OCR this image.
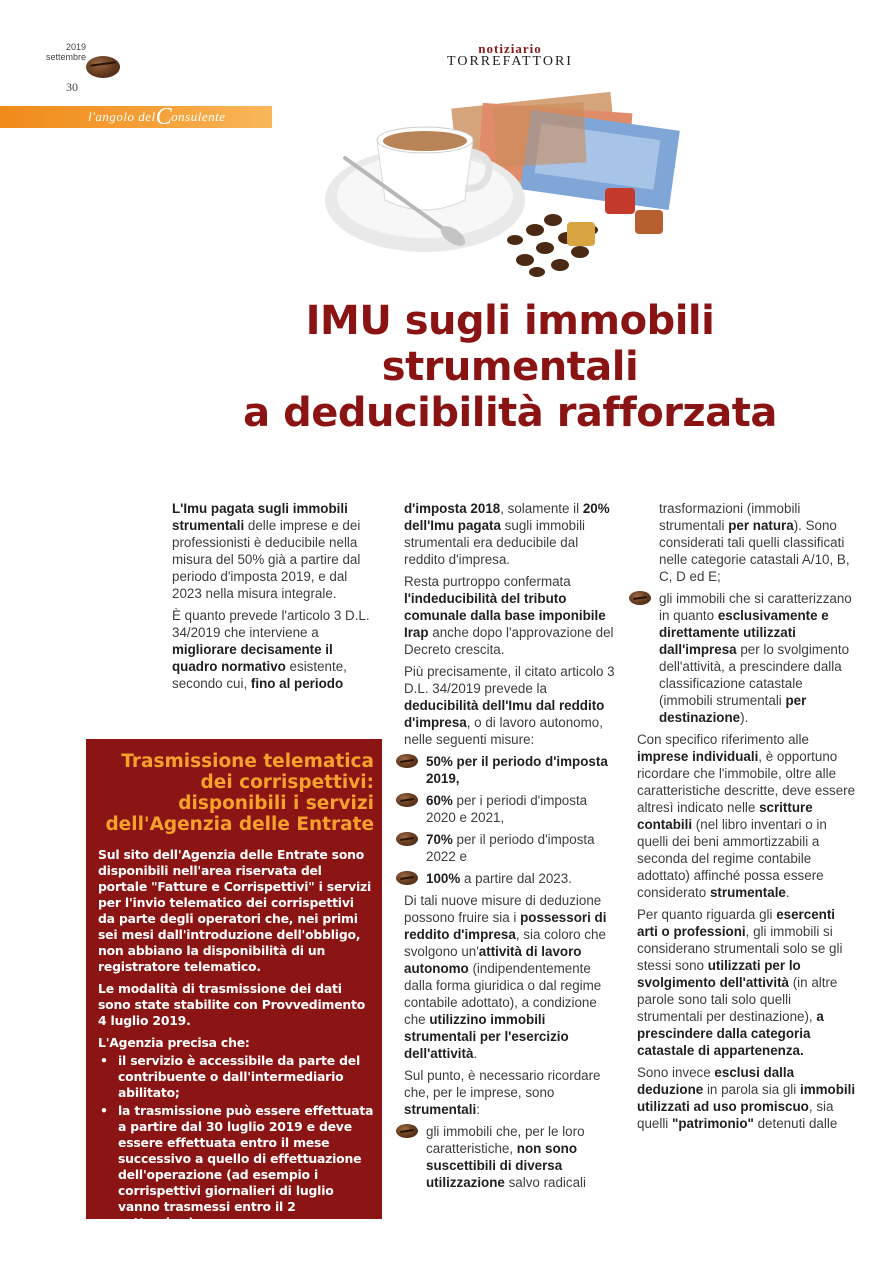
2019
settembre
30
notiziario
TORREFATTORI
l'angolo delConsulente
IMU sugli immobili
strumentali
a deducibilità rafforzata

L'Imu pagata sugli immobili strumentali delle imprese e dei professionisti è deducibile nella misura del 50% già a partire dal periodo d'imposta 2019, e dal 2023 nella misura integrale.

È quanto prevede l'articolo 3 D.L. 34/2019 che interviene a migliorare decisamente il quadro normativo esistente, secondo cui, fino al periodo

d'imposta 2018, solamente il 20% dell'Imu pagata sugli immobili strumentali era deducibile dal reddito d'impresa.

Resta purtroppo confermata l'indeducibilità del tributo comunale dalla base imponibile Irap anche dopo l'approvazione del Decreto crescita.

Più precisamente, il citato articolo 3 D.L. 34/2019 prevede la deducibilità dell'Imu dal reddito d'impresa, o di lavoro autonomo, nelle seguenti misure:

50% per il periodo d'imposta 2019,

60% per i periodi d'imposta 2020 e 2021,

70% per il periodo d'imposta 2022 e

100% a partire dal 2023.

Di tali nuove misure di deduzione possono fruire sia i possessori di reddito d'impresa, sia coloro che svolgono un'attività di lavoro autonomo (indipendentemente dalla forma giuridica o dal regime contabile adottato), a condizione che utilizzino immobili strumentali per l'esercizio dell'attività.

Sul punto, è necessario ricordare che, per le imprese, sono strumentali:

gli immobili che, per le loro caratteristiche, non sono suscettibili di diversa utilizzazione salvo radicali

trasformazioni (immobili strumentali per natura). Sono considerati tali quelli classificati nelle categorie catastali A/10, B, C, D ed E;

gli immobili che si caratterizzano in quanto esclusivamente e direttamente utilizzati dall'impresa per lo svolgimento dell'attività, a prescindere dalla classificazione catastale (immobili strumentali per destinazione).

Con specifico riferimento alle imprese individuali, è opportuno ricordare che l'immobile, oltre alle caratteristiche descritte, deve essere altresì indicato nelle scritture contabili (nel libro inventari o in quelli dei beni ammortizzabili a seconda del regime contabile adottato) affinché possa essere considerato strumentale.

Per quanto riguarda gli esercenti arti o professioni, gli immobili si considerano strumentali solo se gli stessi sono utilizzati per lo svolgimento dell'attività (in altre parole sono tali solo quelli strumentali per destinazione), a prescindere dalla categoria catastale di appartenenza.

Sono invece esclusi dalla deduzione in parola sia gli immobili utilizzati ad uso promiscuo, sia quelli "patrimonio" detenuti dalle

Trasmissione telematica
dei corrispettivi:
disponibili i servizi
dell'Agenzia delle Entrate

Sul sito dell'Agenzia delle Entrate sono disponibili nell'area riservata del portale "Fatture e Corrispettivi" i servizi per l'invio telematico dei corrispettivi da parte degli operatori che, nei primi sei mesi dall'introduzione dell'obbligo, non abbiano la disponibilità di un registratore telematico.

Le modalità di trasmissione dei dati sono state stabilite con Provvedimento 4 luglio 2019.

L'Agenzia precisa che:

• il servizio è accessibile da parte del contribuente o dall'intermediario abilitato;
• la trasmissione può essere effettuata a partire dal 30 luglio 2019 e deve essere effettuata entro il mese successivo a quello di effettuazione dell'operazione (ad esempio i corrispettivi giornalieri di luglio vanno trasmessi entro il 2 settembre).
